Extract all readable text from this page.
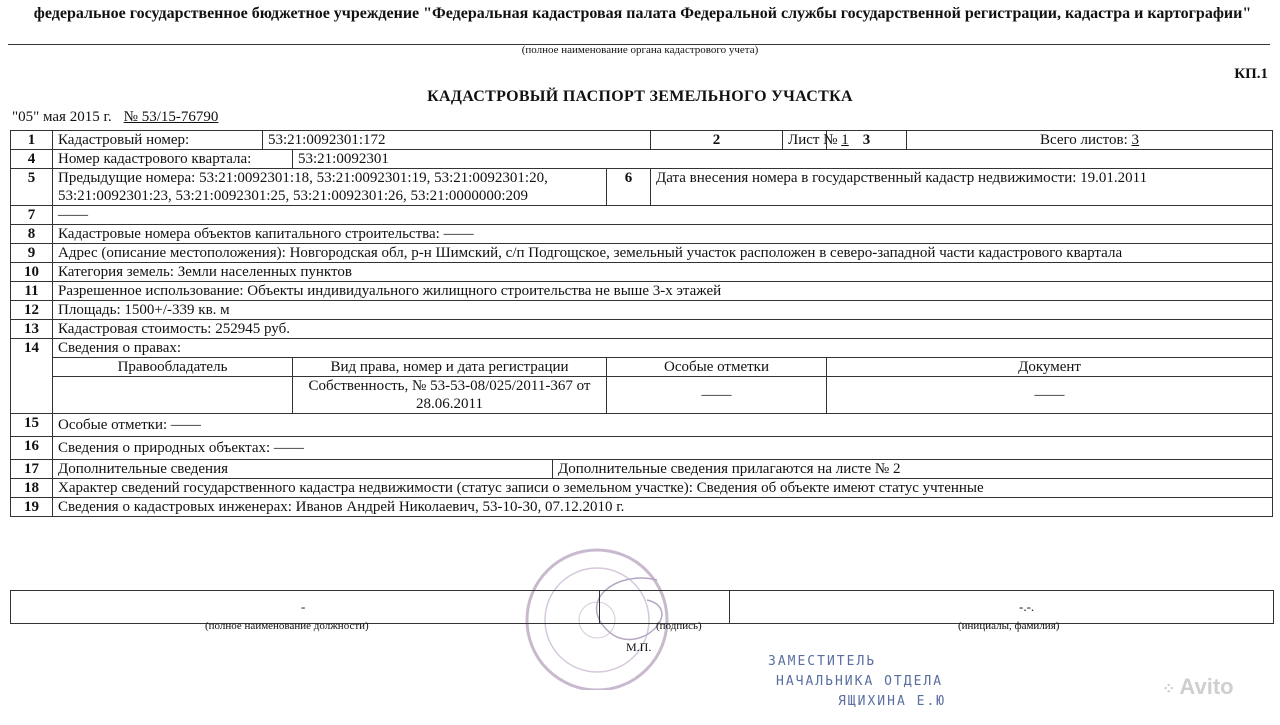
федеральное государственное бюджетное учреждение "Федеральная кадастровая палата Федеральной службы государственной регистрации, кадастра и картографии"
(полное наименование органа кадастрового учета)
КП.1
КАДАСТРОВЫЙ ПАСПОРТ ЗЕМЕЛЬНОГО УЧАСТКА
"05" мая 2015 г. № 53/15-76790
1	Кадастровый номер:	53:21:0092301:172				2	Лист № 1	3	Всего листов: 3
4	Номер кадастрового квартала:		53:21:0092301						
5	Предыдущие номера: 53:21:0092301:18, 53:21:0092301:19, 53:21:0092301:20, 53:21:0092301:23, 53:21:0092301:25, 53:21:0092301:26, 53:21:0000000:209				6	Дата внесения номера в государственный кадастр недвижимости: 19.01.2011			
7	——								
8	Кадастровые номера объектов капитального строительства: ——								
9	Адрес (описание местоположения): Новгородская обл, р-н Шимский, с/п Подгощское, земельный участок расположен в северо-западной части кадастрового квартала								
10	Категория земель: Земли населенных пунктов								
11	Разрешенное использование: Объекты индивидуального жилищного строительства не выше 3-х этажей								
12	Площадь: 1500+/-339 кв. м								
13	Кадастровая стоимость: 252945 руб.								
14	Сведения о правах:								
	Правообладатель		Вид права, номер и дата регистрации		Особые отметки			Документ	
			Собственность, № 53-53-08/025/2011-367 от 28.06.2011		——			——	
15	Особые отметки: ——								
16	Сведения о природных объектах: ——								
17	Дополнительные сведения			Дополнительные сведения прилагаются на листе № 2					
18	Характер сведений государственного кадастра недвижимости (статус записи о земельном участке): Сведения об объекте имеют статус учтенные								
19	Сведения о кадастровых инженерах: Иванов Андрей Николаевич, 53-10-30, 07.12.2010 г.								
-	-.-.
(полное наименование должности)	(подпись)	(инициалы, фамилия)
М.П.
ЗАМЕСТИТЕЛЬ
НАЧАЛЬНИКА ОТДЕЛА
ЯЩИХИНА Е.Ю
⁘ Avito
